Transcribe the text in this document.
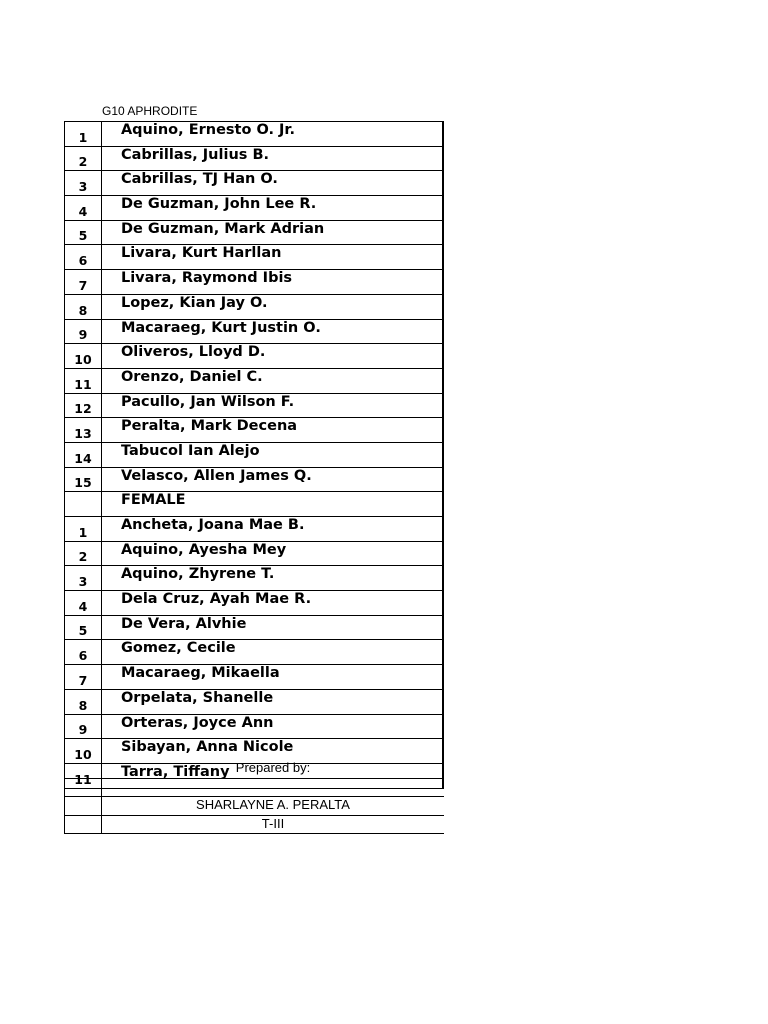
G10 APHRODITE
1	Aquino, Ernesto O. Jr.
2	Cabrillas, Julius B.
3	Cabrillas, TJ Han O.
4	De Guzman, John Lee R.
5	De Guzman, Mark Adrian
6	Livara, Kurt Harllan
7	Livara, Raymond Ibis
8	Lopez, Kian Jay O.
9	Macaraeg, Kurt Justin O.
10	Oliveros, Lloyd D.
11	Orenzo, Daniel C.
12	Pacullo, Jan Wilson F.
13	Peralta, Mark Decena
14	Tabucol Ian Alejo
15	Velasco, Allen James Q.
	FEMALE
1	Ancheta, Joana Mae B.
2	Aquino, Ayesha Mey
3	Aquino, Zhyrene T.
4	Dela Cruz, Ayah Mae R.
5	De Vera, Alvhie
6	Gomez, Cecile
7	Macaraeg, Mikaella
8	Orpelata, Shanelle
9	Orteras, Joyce Ann
10	Sibayan, Anna Nicole
11	Tarra, Tiffany
	Prepared by:

	SHARLAYNE A. PERALTA
	T-III
